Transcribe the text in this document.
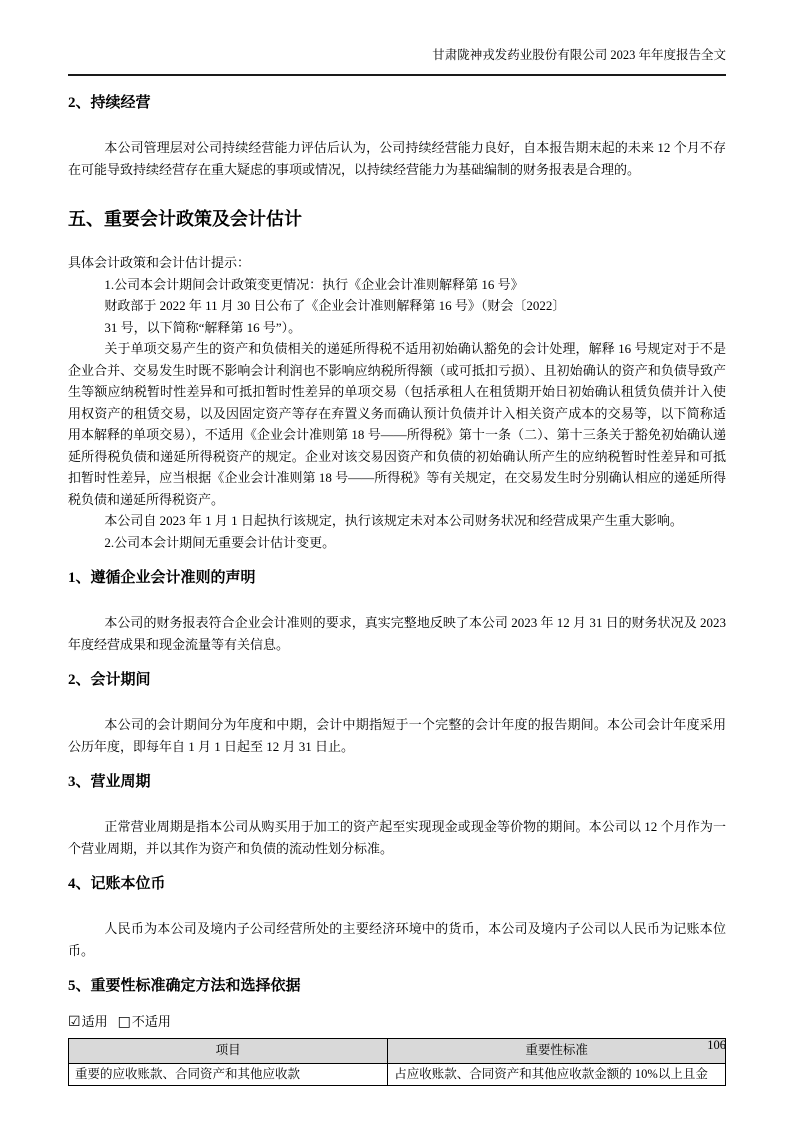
甘肃陇神戎发药业股份有限公司 2023 年年度报告全文
2、持续经营

本公司管理层对公司持续经营能力评估后认为，公司持续经营能力良好，自本报告期末起的未来 12 个月不存在可能导致持续经营存在重大疑虑的事项或情况，以持续经营能力为基础编制的财务报表是合理的。

五、重要会计政策及会计估计

具体会计政策和会计估计提示：

1.公司本会计期间会计政策变更情况：执行《企业会计准则解释第 16 号》

财政部于 2022 年 11 月 30 日公布了《企业会计准则解释第 16 号》（财会〔2022〕

31 号，以下简称“解释第 16 号”）。

关于单项交易产生的资产和负债相关的递延所得税不适用初始确认豁免的会计处理，解释 16 号规定对于不是企业合并、交易发生时既不影响会计利润也不影响应纳税所得额（或可抵扣亏损）、且初始确认的资产和负债导致产生等额应纳税暂时性差异和可抵扣暂时性差异的单项交易（包括承租人在租赁期开始日初始确认租赁负债并计入使用权资产的租赁交易，以及因固定资产等存在弃置义务而确认预计负债并计入相关资产成本的交易等，以下简称适用本解释的单项交易），不适用《企业会计准则第 18 号——所得税》第十一条（二）、第十三条关于豁免初始确认递延所得税负债和递延所得税资产的规定。企业对该交易因资产和负债的初始确认所产生的应纳税暂时性差异和可抵扣暂时性差异，应当根据《企业会计准则第 18 号——所得税》等有关规定，在交易发生时分别确认相应的递延所得税负债和递延所得税资产。

本公司自 2023 年 1 月 1 日起执行该规定，执行该规定未对本公司财务状况和经营成果产生重大影响。

2.公司本会计期间无重要会计估计变更。

1、遵循企业会计准则的声明

本公司的财务报表符合企业会计准则的要求，真实完整地反映了本公司 2023 年 12 月 31 日的财务状况及 2023 年度经营成果和现金流量等有关信息。

2、会计期间

本公司的会计期间分为年度和中期，会计中期指短于一个完整的会计年度的报告期间。本公司会计年度采用公历年度，即每年自 1 月 1 日起至 12 月 31 日止。

3、营业周期

正常营业周期是指本公司从购买用于加工的资产起至实现现金或现金等价物的期间。本公司以 12 个月作为一个营业周期，并以其作为资产和负债的流动性划分标准。

4、记账本位币

人民币为本公司及境内子公司经营所处的主要经济环境中的货币，本公司及境内子公司以人民币为记账本位币。

5、重要性标准确定方法和选择依据
☑适用 □不适用
项目	重要性标准
重要的应收账款、合同资产和其他应收款	占应收账款、合同资产和其他应收款金额的 10%以上且金
106
